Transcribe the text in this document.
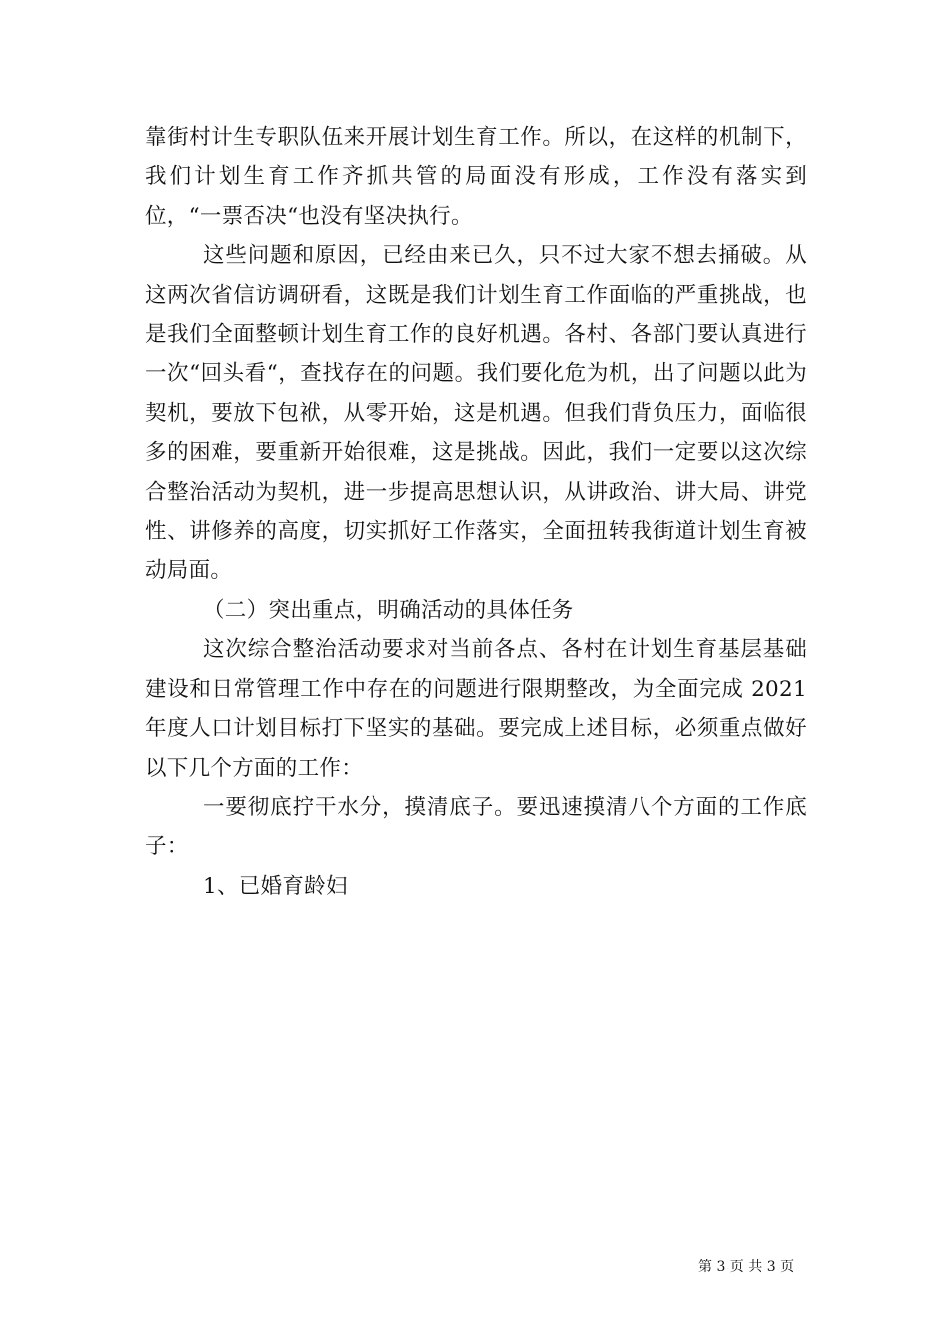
靠街村计生专职队伍来开展计划生育工作。所以，在这样的机制下，我们计划生育工作齐抓共管的局面没有形成，工作没有落实到位，“一票否决“也没有坚决执行。

这些问题和原因，已经由来已久，只不过大家不想去捅破。从这两次省信访调研看，这既是我们计划生育工作面临的严重挑战，也是我们全面整顿计划生育工作的良好机遇。各村、各部门要认真进行一次“回头看“，查找存在的问题。我们要化危为机，出了问题以此为契机，要放下包袱，从零开始，这是机遇。但我们背负压力，面临很多的困难，要重新开始很难，这是挑战。因此，我们一定要以这次综合整治活动为契机，进一步提高思想认识，从讲政治、讲大局、讲党性、讲修养的高度，切实抓好工作落实，全面扭转我街道计划生育被动局面。

（二）突出重点，明确活动的具体任务

这次综合整治活动要求对当前各点、各村在计划生育基层基础建设和日常管理工作中存在的问题进行限期整改，为全面完成 2021 年度人口计划目标打下坚实的基础。要完成上述目标，必须重点做好以下几个方面的工作：

一要彻底拧干水分，摸清底子。要迅速摸清八个方面的工作底子：

1、已婚育龄妇

第 3 页 共 3 页
